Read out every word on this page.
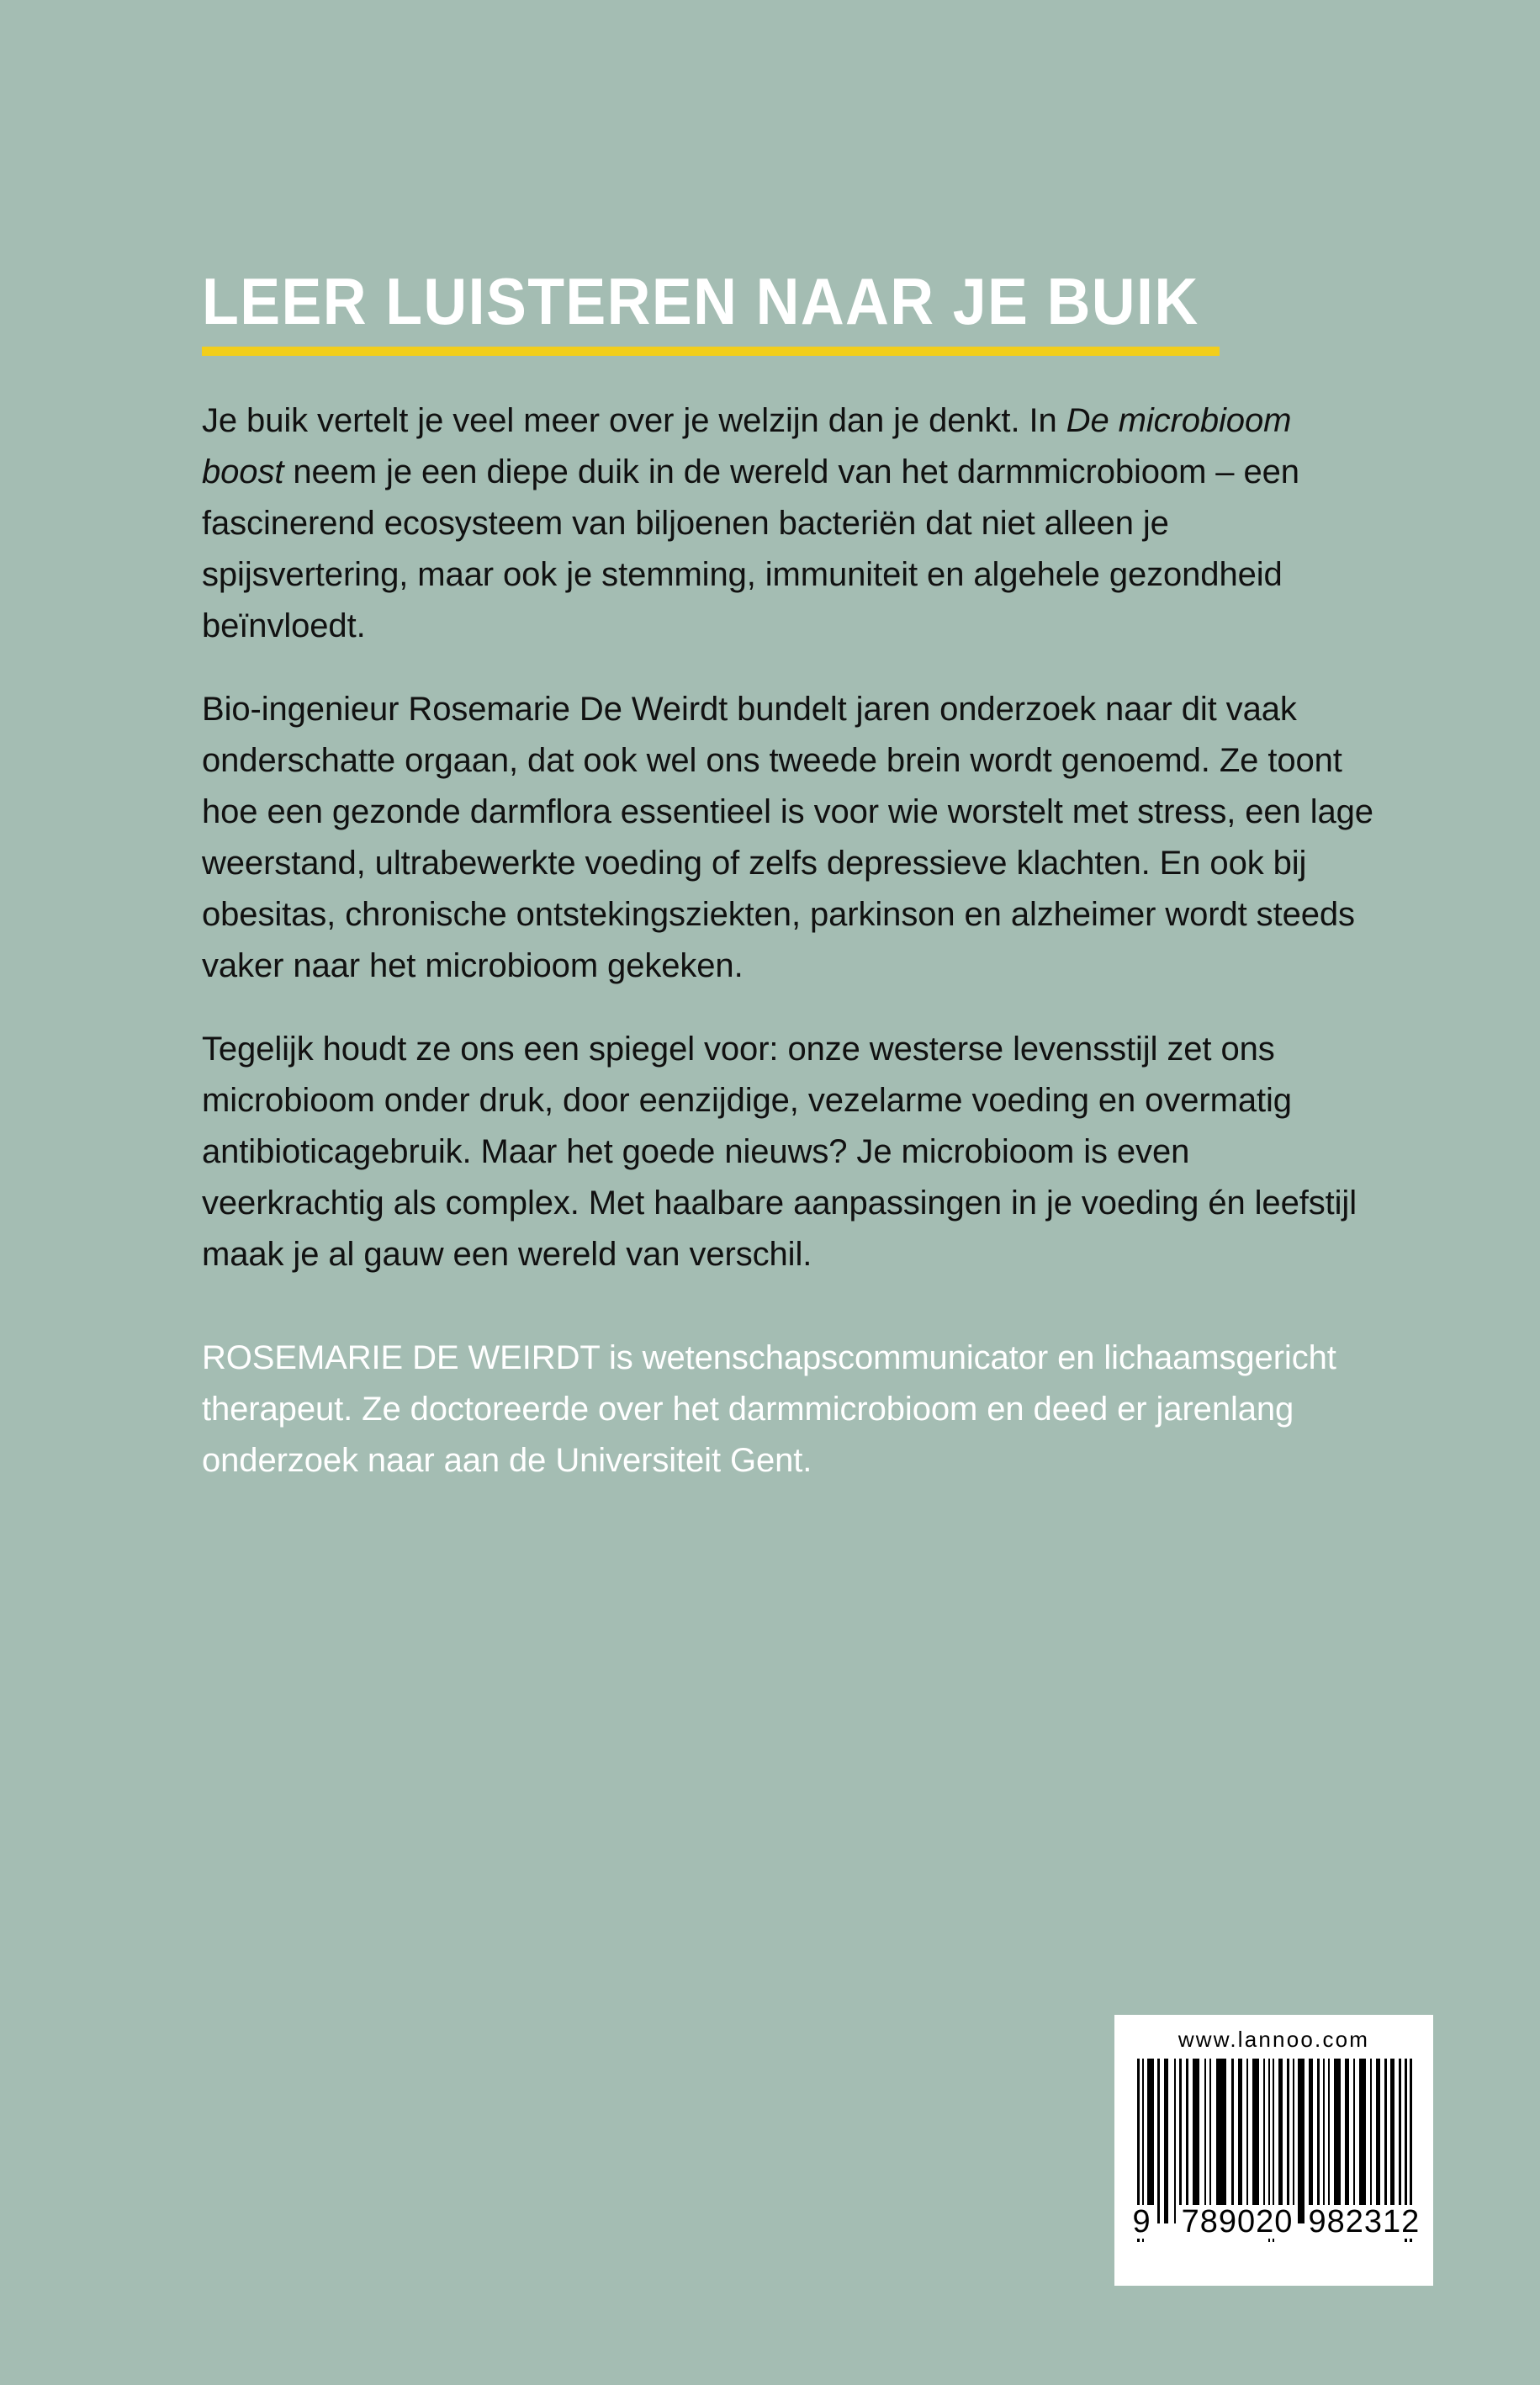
LEER LUISTEREN NAAR JE BUIK

Je buik vertelt je veel meer over je welzijn dan je denkt. In De microbioom boost neem je een diepe duik in de wereld van het darmmicrobioom – een fascinerend ecosysteem van biljoenen bacteriën dat niet alleen je spijsvertering, maar ook je stemming, immuniteit en algehele gezondheid beïnvloedt.

Bio-ingenieur Rosemarie De Weirdt bundelt jaren onderzoek naar dit vaak onderschatte orgaan, dat ook wel ons tweede brein wordt genoemd. Ze toont hoe een gezonde darmflora essentieel is voor wie worstelt met stress, een lage weerstand, ultrabewerkte voeding of zelfs depressieve klachten. En ook bij obesitas, chronische ontstekingsziekten, parkinson en alzheimer wordt steeds vaker naar het microbioom gekeken.

Tegelijk houdt ze ons een spiegel voor: onze westerse levensstijl zet ons microbioom onder druk, door eenzijdige, vezelarme voeding en overmatig antibioticagebruik. Maar het goede nieuws? Je microbioom is even veerkrachtig als complex. Met haalbare aanpassingen in je voeding én leefstijl maak je al gauw een wereld van verschil.

ROSEMARIE DE WEIRDT is wetenschapscommunicator en lichaamsgericht therapeut. Ze doctoreerde over het darmmicrobioom en deed er jarenlang onderzoek naar aan de Universiteit Gent.

www.lannoo.com
9 789020 982312
